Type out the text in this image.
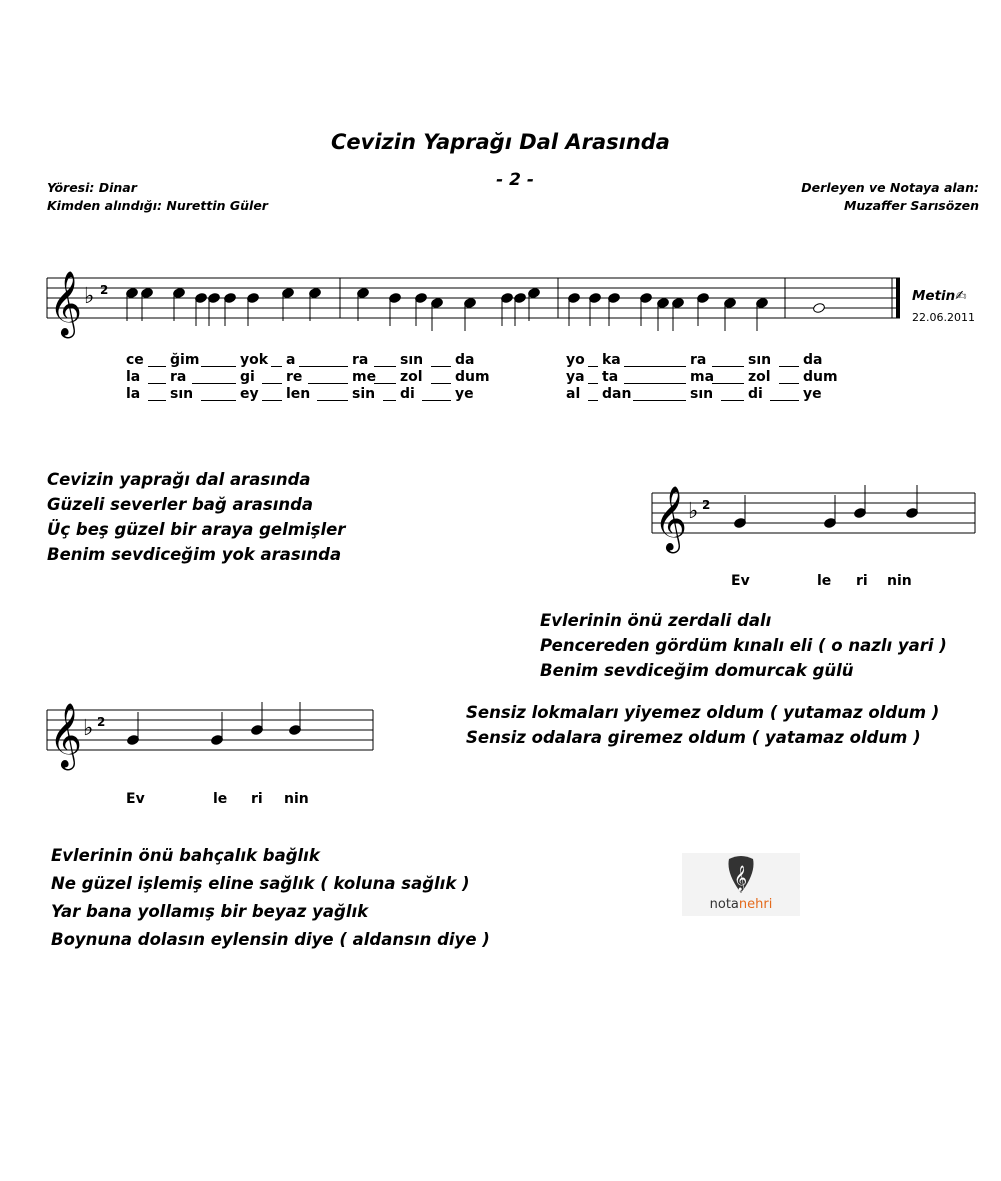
Cevizin Yaprağı Dal Arasında
- 2 -
Yöresi: Dinar
Kimden alındığı: Nurettin Güler
Derleyen ve Notaya alan:
Muzaffer Sarısözen
𝄞 ♭ 2	Metin✍
22.06.2011
ce ğim	yok a	ra sın da	yo ka	ra	sın da
la ra	gi re	me zol dum	ya ta	ma zol dum
la sın	ey len	sin di	ye	al dan	sın di	ye
Cevizin yaprağı dal arasında
Güzeli severler bağ arasında
Üç beş güzel bir araya gelmişler
Benim sevdiceğim yok arasında
𝄞 ♭ 2
Ev	le ri nin
Evlerinin önü zerdali dalı
Pencereden gördüm kınalı eli ( o nazlı yari )
Benim sevdiceğim domurcak gülü
Sensiz lokmaları yiyemez oldum ( yutamaz oldum )
Sensiz odalara giremez oldum ( yatamaz oldum )
𝄞 ♭ 2
Ev	le ri nin
Evlerinin önü bahçalık bağlık
Ne güzel işlemiş eline sağlık ( koluna sağlık )
Yar bana yollamış bir beyaz yağlık
Boynuna dolasın eylensin diye ( aldansın diye )
𝄞
notanehri
